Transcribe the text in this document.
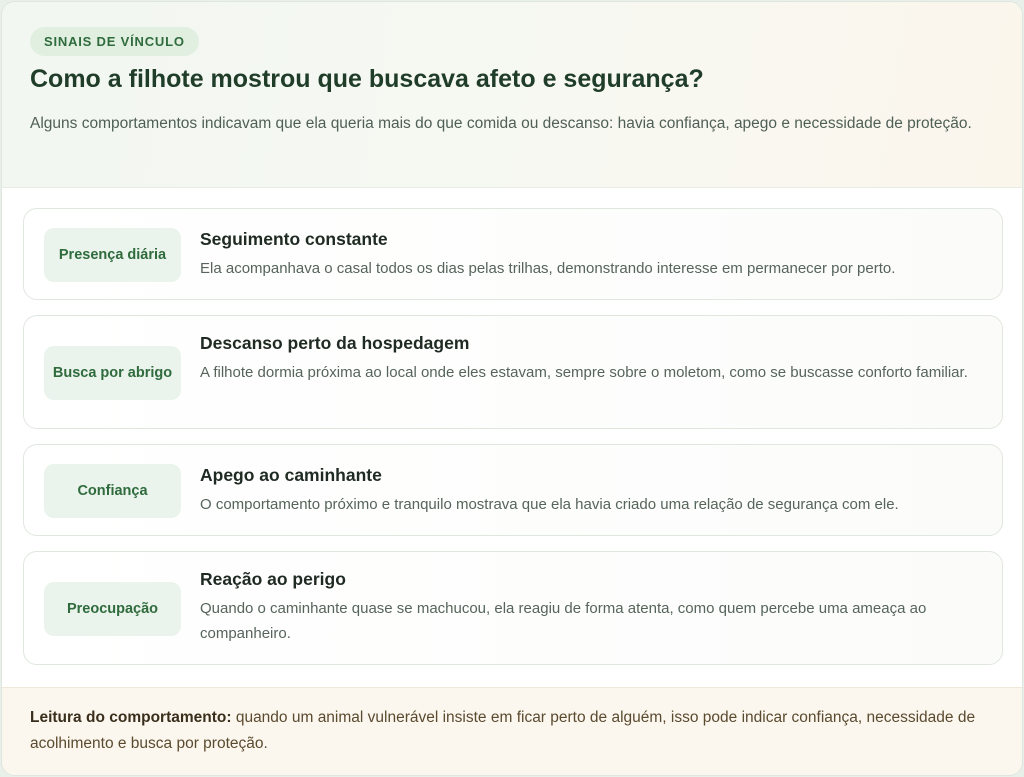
SINAIS DE VÍNCULO
Como a filhote mostrou que buscava afeto e segurança?

Alguns comportamentos indicavam que ela queria mais do que comida ou descanso: havia confiança, apego e necessidade de proteção.

Presença diária
Seguimento constante
Ela acompanhava o casal todos os dias pelas trilhas, demonstrando interesse em permanecer por perto.
Busca por abrigo
Descanso perto da hospedagem
A filhote dormia próxima ao local onde eles estavam, sempre sobre o moletom, como se buscasse conforto familiar.
Confiança
Apego ao caminhante
O comportamento próximo e tranquilo mostrava que ela havia criado uma relação de segurança com ele.
Preocupação
Reação ao perigo
Quando o caminhante quase se machucou, ela reagiu de forma atenta, como quem percebe uma ameaça ao companheiro.

Leitura do comportamento: quando um animal vulnerável insiste em ficar perto de alguém, isso pode indicar confiança, necessidade de acolhimento e busca por proteção.
